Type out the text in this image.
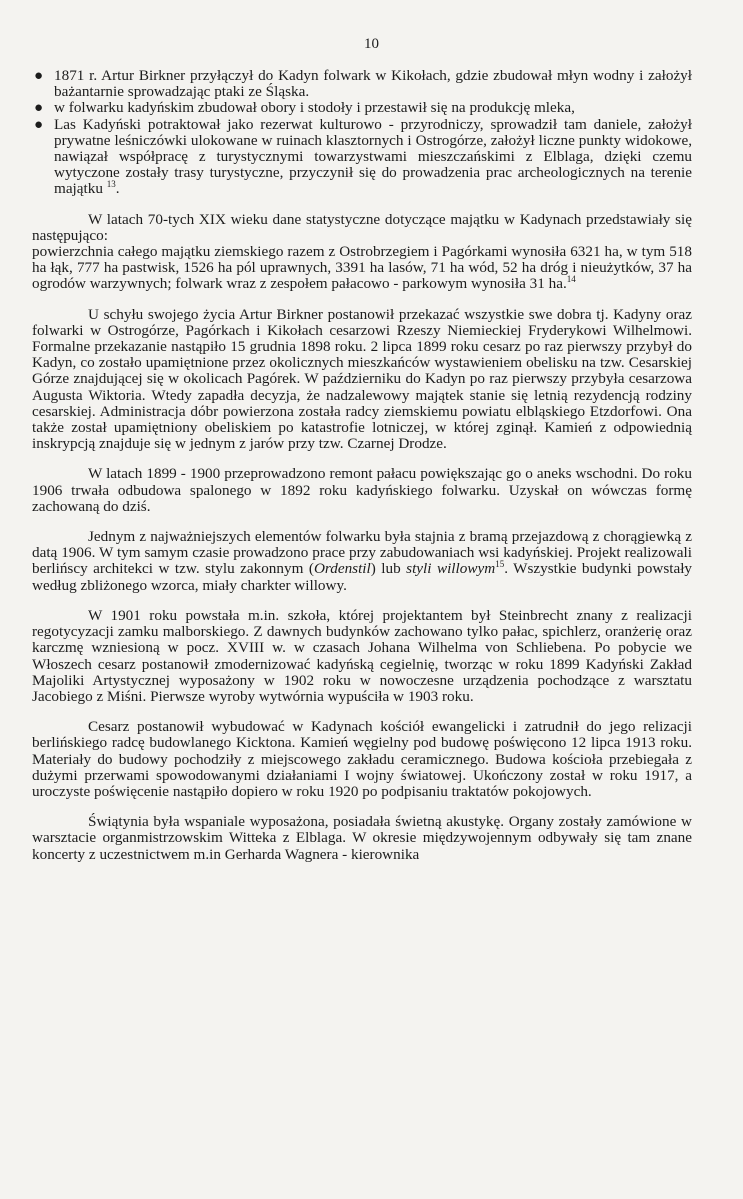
10
● 1871 r. Artur Birkner przyłączył do Kadyn folwark w Kikołach, gdzie zbudował młyn wodny i założył bażantarnie sprowadzając ptaki ze Śląska.
● w folwarku kadyńskim zbudował obory i stodoły i przestawił się na produkcję mleka,
● Las Kadyński potraktował jako rezerwat kulturowo - przyrodniczy, sprowadził tam daniele, założył prywatne leśniczówki ulokowane w ruinach klasztornych i Ostrogórze, założył liczne punkty widokowe, nawiązał współpracę z turystycznymi towarzystwami mieszczańskimi z Elblaga, dzięki czemu wytyczone zostały trasy turystyczne, przyczynił się do prowadzenia prac archeologicznych na terenie majątku $^{13}$.

W latach 70-tych XIX wieku dane statystyczne dotyczące majątku w Kadynach przedstawiały się następująco:

powierzchnia całego majątku ziemskiego razem z Ostrobrzegiem i Pagórkami wynosiła 6321 ha, w tym 518 ha łąk, 777 ha pastwisk, 1526 ha pól uprawnych, 3391 ha lasów, 71 ha wód, 52 ha dróg i nieużytków, 37 ha ogrodów warzywnych; folwark wraz z zespołem pałacowo - parkowym wynosiła 31 ha.$^{14}$

U schyłu swojego życia Artur Birkner postanowił przekazać wszystkie swe dobra tj. Kadyny oraz folwarki w Ostrogórze, Pagórkach i Kikołach cesarzowi Rzeszy Niemieckiej Fryderykowi Wilhelmowi. Formalne przekazanie nastąpiło 15 grudnia 1898 roku. 2 lipca 1899 roku cesarz po raz pierwszy przybył do Kadyn, co zostało upamiętnione przez okolicznych mieszkańców wystawieniem obelisku na tzw. Cesarskiej Górze znajdującej się w okolicach Pagórek. W październiku do Kadyn po raz pierwszy przybyła cesarzowa Augusta Wiktoria. Wtedy zapadła decyzja, że nadzalewowy majątek stanie się letnią rezydencją rodziny cesarskiej. Administracja dóbr powierzona została radcy ziemskiemu powiatu elbląskiego Etzdorfowi. Ona także został upamiętniony obeliskiem po katastrofie lotniczej, w której zginął. Kamień z odpowiednią inskrypcją znajduje się w jednym z jarów przy tzw. Czarnej Drodze.

W latach 1899 - 1900 przeprowadzono remont pałacu powiększając go o aneks wschodni. Do roku 1906 trwała odbudowa spalonego w 1892 roku kadyńskiego folwarku. Uzyskał on wówczas formę zachowaną do dziś.

Jednym z najważniejszych elementów folwarku była stajnia z bramą przejazdową z chorągiewką z datą 1906. W tym samym czasie prowadzono prace przy zabudowaniach wsi kadyńskiej. Projekt realizowali berlińscy architekci w tzw. stylu zakonnym (Ordenstil) lub styli willowym$^{15}$. Wszystkie budynki powstały według zbliżonego wzorca, miały charkter willowy.

W 1901 roku powstała m.in. szkoła, której projektantem był Steinbrecht znany z realizacji regotycyzacji zamku malborskiego. Z dawnych budynków zachowano tylko pałac, spichlerz, oranżerię oraz karczmę wzniesioną w pocz. XVIII w. w czasach Johana Wilhelma von Schliebena. Po pobycie we Włoszech cesarz postanowił zmodernizować kadyńską cegielnię, tworząc w roku 1899 Kadyński Zakład Majoliki Artystycznej wyposażony w 1902 roku w nowoczesne urządzenia pochodzące z warsztatu Jacobiego z Miśni. Pierwsze wyroby wytwórnia wypuściła w 1903 roku.

Cesarz postanowił wybudować w Kadynach kościół ewangelicki i zatrudnił do jego relizacji berlińskiego radcę budowlanego Kicktona. Kamień węgielny pod budowę poświęcono 12 lipca 1913 roku. Materiały do budowy pochodziły z miejscowego zakładu ceramicznego. Budowa kościoła przebiegała z dużymi przerwami spowodowanymi działaniami I wojny światowej. Ukończony został w roku 1917, a uroczyste poświęcenie nastąpiło dopiero w roku 1920 po podpisaniu traktatów pokojowych.

Świątynia była wspaniale wyposażona, posiadała świetną akustykę. Organy zostały zamówione w warsztacie organmistrzowskim Witteka z Elblaga. W okresie międzywojennym odbywały się tam znane koncerty z uczestnictwem m.in Gerharda Wagnera - kierownika
